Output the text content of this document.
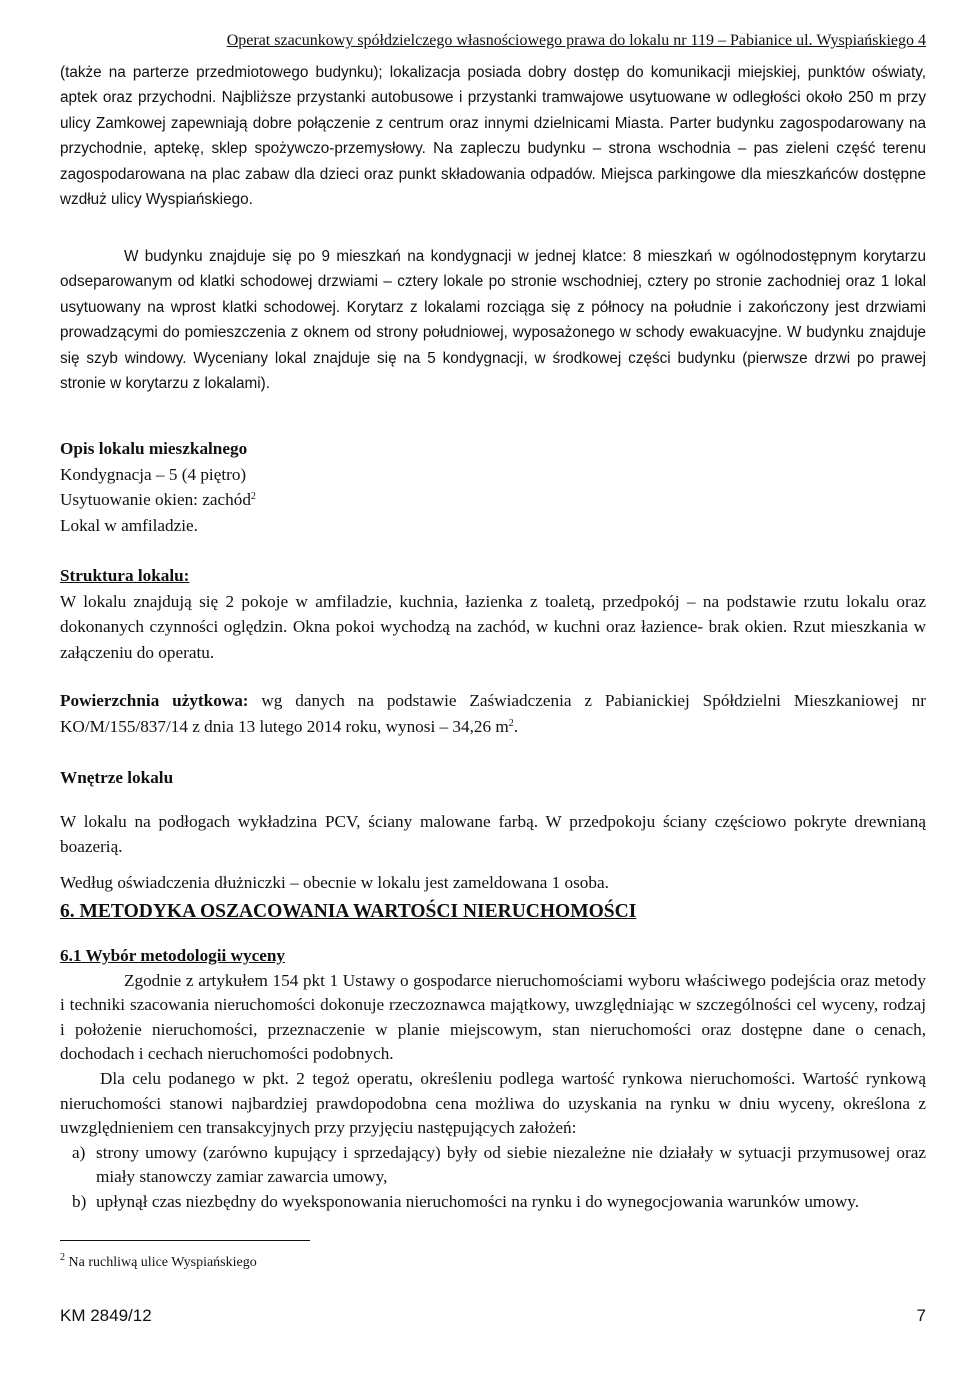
Operat szacunkowy spółdzielczego własnościowego prawa do lokalu nr 119 – Pabianice ul. Wyspiańskiego 4

(także na parterze przedmiotowego budynku); lokalizacja posiada dobry dostęp do komunikacji miejskiej, punktów oświaty, aptek oraz przychodni. Najbliższe przystanki autobusowe i przystanki tramwajowe usytuowane w odległości około 250 m przy ulicy Zamkowej zapewniają dobre połączenie z centrum oraz innymi dzielnicami Miasta. Parter budynku zagospodarowany na przychodnie, aptekę, sklep spożywczo-przemysłowy. Na zapleczu budynku – strona wschodnia – pas zieleni część terenu zagospodarowana na plac zabaw dla dzieci oraz punkt składowania odpadów. Miejsca parkingowe dla mieszkańców dostępne wzdłuż ulicy Wyspiańskiego.

W budynku znajduje się po 9 mieszkań na kondygnacji w jednej klatce: 8 mieszkań w ogólnodostępnym korytarzu odseparowanym od klatki schodowej drzwiami – cztery lokale po stronie wschodniej, cztery po stronie zachodniej oraz 1 lokal usytuowany na wprost klatki schodowej. Korytarz z lokalami rozciąga się z północy na południe i zakończony jest drzwiami prowadzącymi do pomieszczenia z oknem od strony południowej, wyposażonego w schody ewakuacyjne. W budynku znajduje się szyb windowy. Wyceniany lokal znajduje się na 5 kondygnacji, w środkowej części budynku (pierwsze drzwi po prawej stronie w korytarzu z lokalami).

Opis lokalu mieszkalnego

Kondygnacja – 5 (4 piętro)

Usytuowanie okien: zachód$^2$

Lokal w amfiladzie.

Struktura lokalu:

W lokalu znajdują się 2 pokoje w amfiladzie, kuchnia, łazienka z toaletą, przedpokój – na podstawie rzutu lokalu oraz dokonanych czynności oględzin. Okna pokoi wychodzą na zachód, w kuchni oraz łazience- brak okien. Rzut mieszkania w załączeniu do operatu.

Powierzchnia użytkowa: wg danych na podstawie Zaświadczenia z Pabianickiej Spółdzielni Mieszkaniowej nr KO/M/155/837/14 z dnia 13 lutego 2014 roku, wynosi – 34,26 $m^2$.

Wnętrze lokalu

W lokalu na podłogach wykładzina PCV, ściany malowane farbą. W przedpokoju ściany częściowo pokryte drewnianą boazerią.

Według oświadczenia dłużniczki – obecnie w lokalu jest zameldowana 1 osoba.

6. METODYKA OSZACOWANIA WARTOŚCI NIERUCHOMOŚCI

6.1 Wybór metodologii wyceny

Zgodnie z artykułem 154 pkt 1 Ustawy o gospodarce nieruchomościami wyboru właściwego podejścia oraz metody i techniki szacowania nieruchomości dokonuje rzeczoznawca majątkowy, uwzględniając w szczególności cel wyceny, rodzaj i położenie nieruchomości, przeznaczenie w planie miejscowym, stan nieruchomości oraz dostępne dane o cenach, dochodach i cechach nieruchomości podobnych.

Dla celu podanego w pkt. 2 tegoż operatu, określeniu podlega wartość rynkowa nieruchomości. Wartość rynkową nieruchomości stanowi najbardziej prawdopodobna cena możliwa do uzyskania na rynku w dniu wyceny, określona z uwzględnieniem cen transakcyjnych przy przyjęciu następujących założeń:

a) strony umowy (zarówno kupujący i sprzedający) były od siebie niezależne nie działały w sytuacji przymusowej oraz miały stanowczy zamiar zawarcia umowy,
b) upłynął czas niezbędny do wyeksponowania nieruchomości na rynku i do wynegocjowania warunków umowy.
$^2$ Na ruchliwą ulice Wyspiańskiego
KM 2849/12	7
